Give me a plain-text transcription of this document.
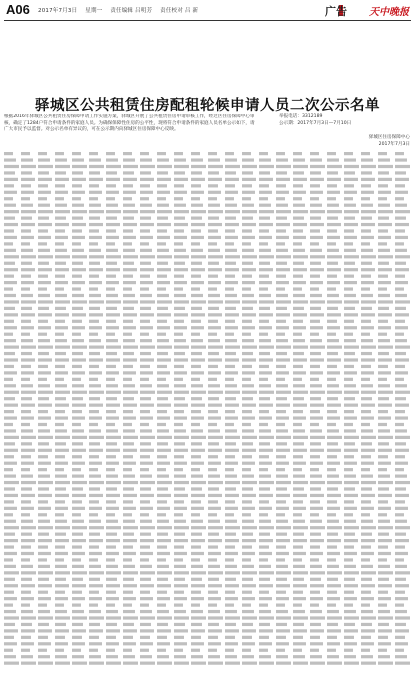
A06 2017年7月3日 星期一 责任编辑 吕明芳 责任校对 吕 新	广告 天中晚报
驿城区公共租赁住房配租轮候申请人员二次公示名单
根据2016年驿城区公共租赁住房保障申请工作实施方案，驿城区开展了公共租赁住房申请审核工作，经过区住房保障中心审核，确定了1284户符合申请条件的家庭人员。为确保保障性住房的公平性，现将符合申请条件的家庭人员名单公示如下，请广大市民予以监督。对公示名单有异议的，可在公示期内向驿城区住房保障中心反映。
举报电话：3312189
公示期：2017年7月3日—7月10日
驿城区住房保障中心
2017年7月3日
